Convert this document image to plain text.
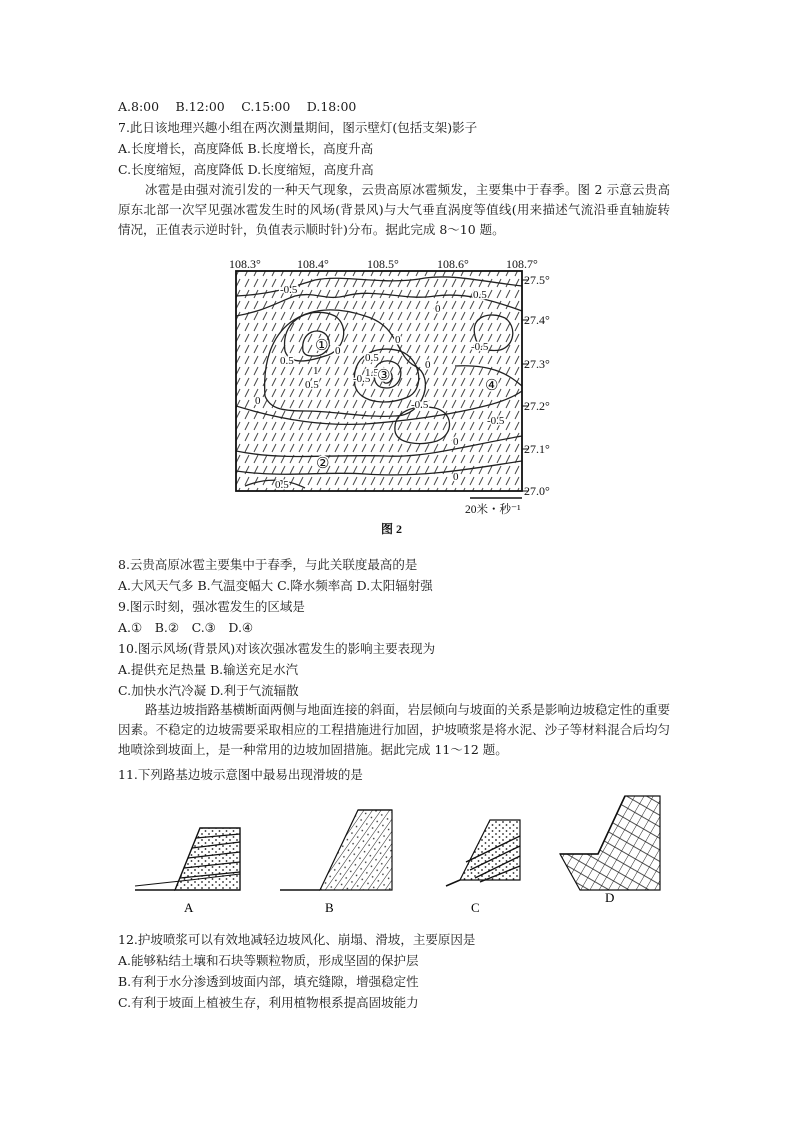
A.8:00　 B.12:00　 C.15:00　 D.18:00
7.此日该地理兴趣小组在两次测量期间，图示壁灯(包括支架)影子
A.长度增长，高度降低 B.长度增长，高度升高
C.长度缩短，高度降低 D.长度缩短，高度升高
冰雹是由强对流引发的一种天气现象，云贵高原冰雹频发，主要集中于春季。图 2 示意云贵高原东北部一次罕见强冰雹发生时的风场(背景风)与大气垂直涡度等值线(用来描述气流沿垂直轴旋转情况，正值表示逆时针，负值表示顺时针)分布。据此完成 8～10 题。
108.3°	108.4°	108.5°	108.6°	108.7°
27.5°
27.4°
27.3°
27.2°
27.1°
27.0°
-0.5	0.5
0
-0.5
0
0.5
-0.5
0
0.5
1.5
1
0.5
0	-0.5
0
0
-0.5
0
0.5
①
②
③
④
20米・秒⁻¹
图 2
8.云贵高原冰雹主要集中于春季，与此关联度最高的是
A.大风天气多 B.气温变幅大 C.降水频率高 D.太阳辐射强
9.图示时刻，强冰雹发生的区域是
A.①　B.②　C.③　D.④
10.图示风场(背景风)对该次强冰雹发生的影响主要表现为
A.提供充足热量 B.输送充足水汽
C.加快水汽冷凝 D.利于气流辐散
路基边坡指路基横断面两侧与地面连接的斜面，岩层倾向与坡面的关系是影响边坡稳定性的重要因素。不稳定的边坡需要采取相应的工程措施进行加固，护坡喷浆是将水泥、沙子等材料混合后均匀地喷涂到坡面上，是一种常用的边坡加固措施。据此完成 11～12 题。
11.下列路基边坡示意图中最易出现滑坡的是
A	B	C
D
12.护坡喷浆可以有效地减轻边坡风化、崩塌、滑坡，主要原因是
A.能够粘结土壤和石块等颗粒物质，形成坚固的保护层
B.有利于水分渗透到坡面内部，填充缝隙，增强稳定性
C.有利于坡面上植被生存，利用植物根系提高固坡能力
